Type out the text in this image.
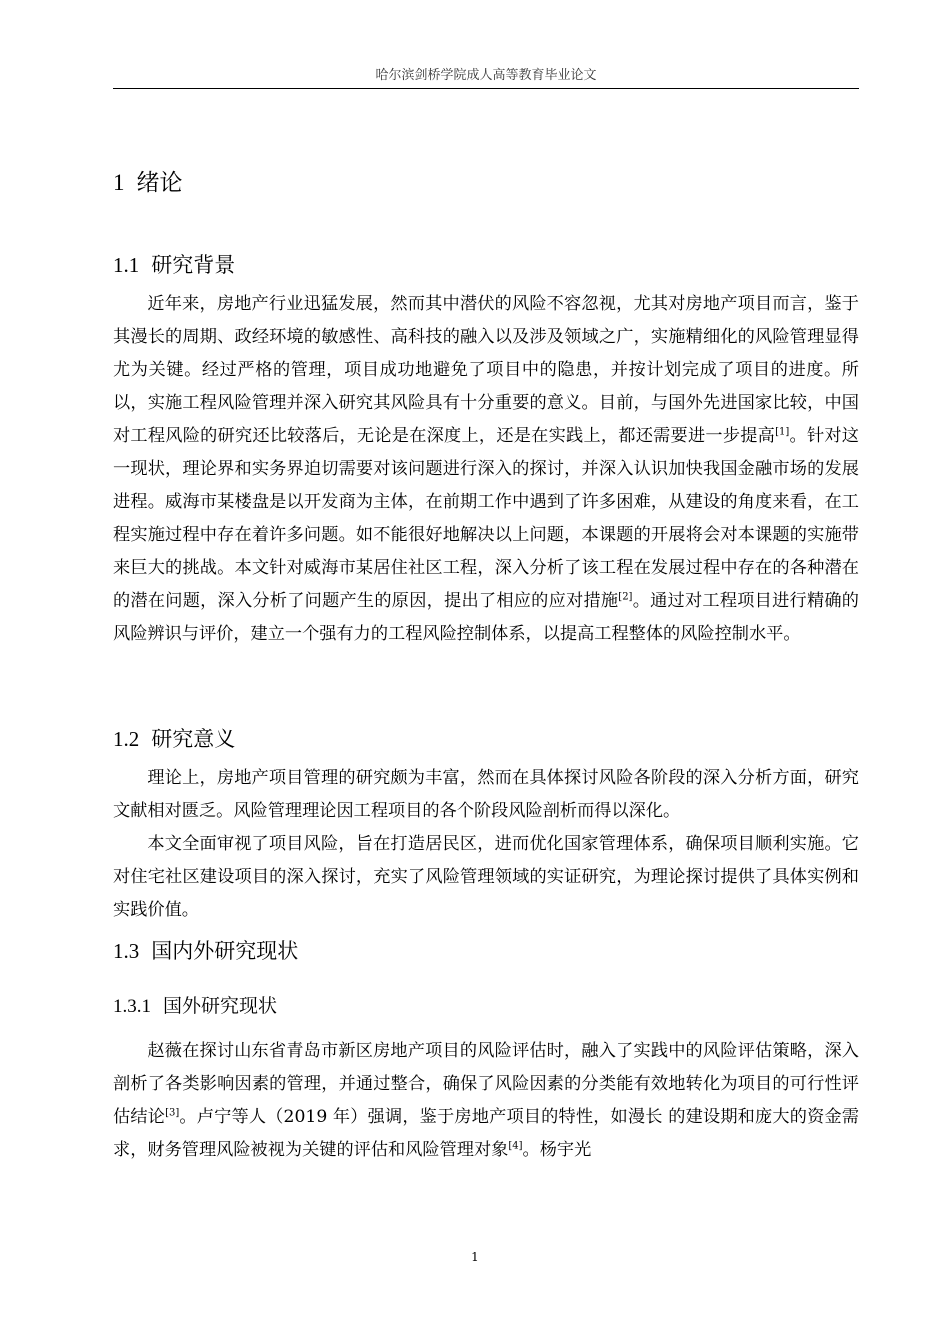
哈尔滨剑桥学院成人高等教育毕业论文
1 绪论
1.1 研究背景

近年来，房地产行业迅猛发展，然而其中潜伏的风险不容忽视，尤其对房地产项目而言，鉴于其漫长的周期、政经环境的敏感性、高科技的融入以及涉及领域之广，实施精细化的风险管理显得尤为关键。经过严格的管理，项目成功地避免了项目中的隐患，并按计划完成了项目的进度。所以，实施工程风险管理并深入研究其风险具有十分重要的意义。目前，与国外先进国家比较，中国对工程风险的研究还比较落后，无论是在深度上，还是在实践上，都还需要进一步提高[1]。针对这一现状，理论界和实务界迫切需要对该问题进行深入的探讨，并深入认识加快我国金融市场的发展进程。威海市某楼盘是以开发商为主体，在前期工作中遇到了许多困难，从建设的角度来看，在工程实施过程中存在着许多问题。如不能很好地解决以上问题，本课题的开展将会对本课题的实施带来巨大的挑战。本文针对威海市某居住社区工程，深入分析了该工程在发展过程中存在的各种潜在的潜在问题，深入分析了问题产生的原因，提出了相应的应对措施[2]。通过对工程项目进行精确的风险辨识与评价，建立一个强有力的工程风险控制体系，以提高工程整体的风险控制水平。

1.2 研究意义

理论上，房地产项目管理的研究颇为丰富，然而在具体探讨风险各阶段的深入分析方面，研究文献相对匮乏。风险管理理论因工程项目的各个阶段风险剖析而得以深化。

本文全面审视了项目风险，旨在打造居民区，进而优化国家管理体系，确保项目顺利实施。它对住宅社区建设项目的深入探讨，充实了风险管理领域的实证研究，为理论探讨提供了具体实例和实践价值。

1.3 国内外研究现状
1.3.1 国外研究现状

赵薇在探讨山东省青岛市新区房地产项目的风险评估时，融入了实践中的风险评估策略，深入剖析了各类影响因素的管理，并通过整合，确保了风险因素的分类能有效地转化为项目的可行性评估结论[3]。卢宁等人（2019 年）强调，鉴于房地产项目的特性，如漫长 的建设期和庞大的资金需求，财务管理风险被视为关键的评估和风险管理对象[4]。杨宇光

1
